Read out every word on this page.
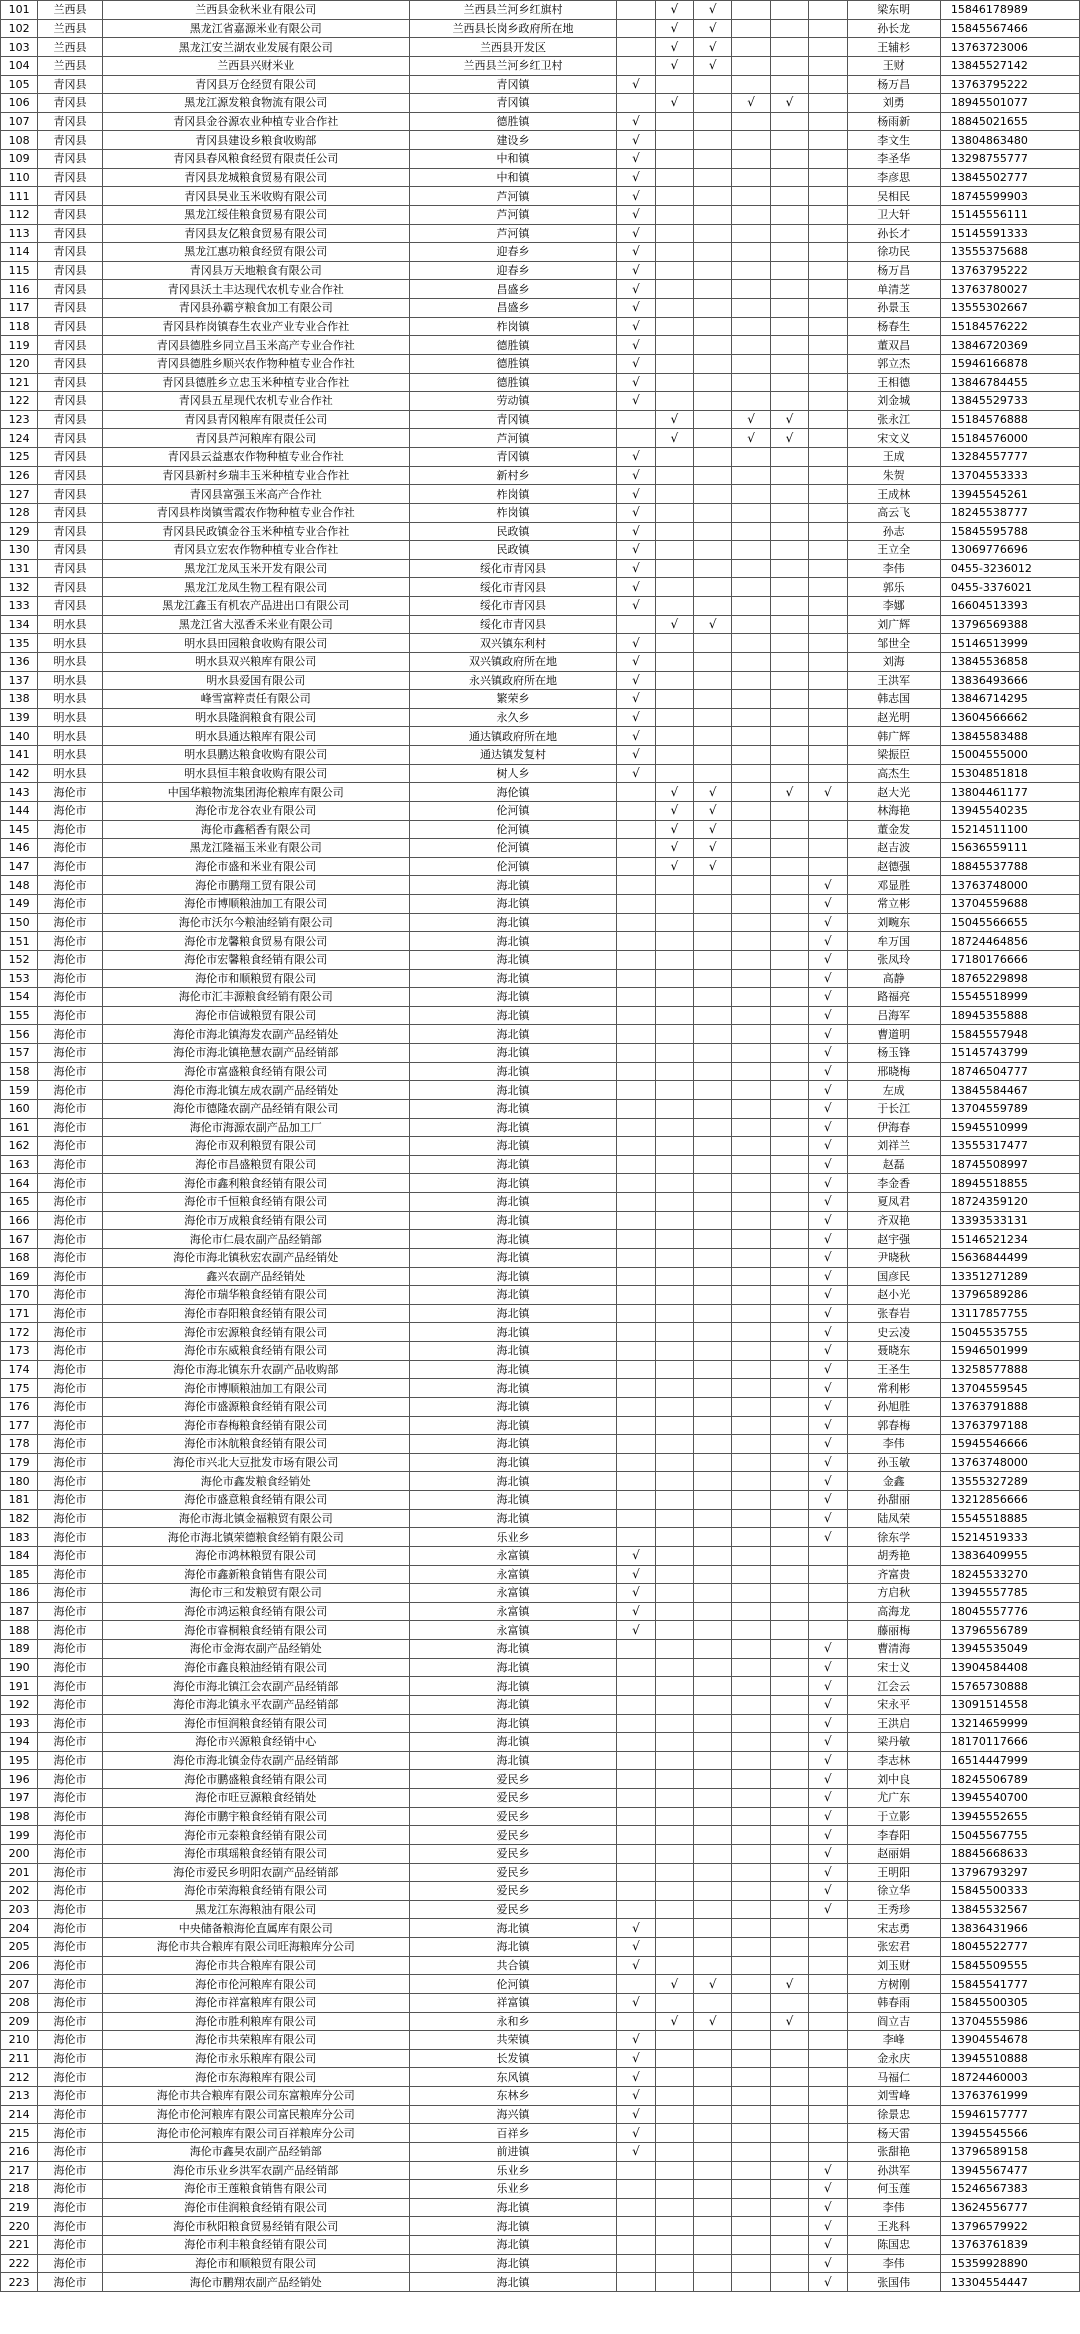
101	兰西县	兰西县金秋米业有限公司	兰西县兰河乡红旗村		√	√				梁东明	15846178989
102	兰西县	黑龙江省嘉源米业有限公司	兰西县长岗乡政府所在地		√	√				孙长龙	15845567466
103	兰西县	黑龙江安兰湖农业发展有限公司	兰西县开发区		√	√				王辅杉	13763723006
104	兰西县	兰西县兴财米业	兰西县兰河乡红卫村		√	√				王财	13845527142
105	青冈县	青冈县万仓经贸有限公司	青冈镇	√						杨万昌	13763795222
106	青冈县	黑龙江源发粮食物流有限公司	青冈镇		√		√	√		刘勇	18945501077
107	青冈县	青冈县金谷源农业种植专业合作社	德胜镇	√						杨雨新	18845021655
108	青冈县	青冈县建设乡粮食收购部	建设乡	√						李文生	13804863480
109	青冈县	青冈县春风粮食经贸有限责任公司	中和镇	√						李圣华	13298755777
110	青冈县	青冈县龙城粮食贸易有限公司	中和镇	√						李彦思	13845502777
111	青冈县	青冈县昊业玉米收购有限公司	芦河镇	√						吴相民	18745599903
112	青冈县	黑龙江绥佳粮食贸易有限公司	芦河镇	√						卫大轩	15145556111
113	青冈县	青冈县友亿粮食贸易有限公司	芦河镇	√						孙长才	15145591333
114	青冈县	黑龙江惠功粮食经贸有限公司	迎春乡	√						徐功民	13555375688
115	青冈县	青冈县万天地粮食有限公司	迎春乡	√						杨万昌	13763795222
116	青冈县	青冈县沃土丰达现代农机专业合作社	昌盛乡	√						单清芝	13763780027
117	青冈县	青冈县孙霸亨粮食加工有限公司	昌盛乡	√						孙景玉	13555302667
118	青冈县	青冈县柞岗镇春生农业产业专业合作社	柞岗镇	√						杨春生	15184576222
119	青冈县	青冈县德胜乡同立昌玉米高产专业合作社	德胜镇	√						董双昌	13846720369
120	青冈县	青冈县德胜乡顺兴农作物种植专业合作社	德胜镇	√						郭立杰	15946166878
121	青冈县	青冈县德胜乡立忠玉米种植专业合作社	德胜镇	√						王相德	13846784455
122	青冈县	青冈县五星现代农机专业合作社	劳动镇	√						刘金城	13845529733
123	青冈县	青冈县青冈粮库有限责任公司	青冈镇		√		√	√		张永江	15184576888
124	青冈县	青冈县芦河粮库有限公司	芦河镇		√		√	√		宋文义	15184576000
125	青冈县	青冈县云益惠农作物种植专业合作社	青冈镇	√						王成	13284557777
126	青冈县	青冈县新村乡瑞丰玉米种植专业合作社	新村乡	√						朱贺	13704553333
127	青冈县	青冈县富强玉米高产合作社	柞岗镇	√						王成林	13945545261
128	青冈县	青冈县柞岗镇雪霞农作物种植专业合作社	柞岗镇	√						高云飞	18245538777
129	青冈县	青冈县民政镇金谷玉米种植专业合作社	民政镇	√						孙志	15845595788
130	青冈县	青冈县立宏农作物种植专业合作社	民政镇	√						王立全	13069776696
131	青冈县	黑龙江龙凤玉米开发有限公司	绥化市青冈县	√						李伟	0455-3236012
132	青冈县	黑龙江龙凤生物工程有限公司	绥化市青冈县	√						郭乐	0455-3376021
133	青冈县	黑龙江鑫玉有机农产品进出口有限公司	绥化市青冈县	√						李娜	16604513393
134	明水县	黑龙江省大泓香禾米业有限公司	绥化市青冈县		√	√				刘广辉	13796569388
135	明水县	明水县田园粮食收购有限公司	双兴镇东利村	√						邹世全	15146513999
136	明水县	明水县双兴粮库有限公司	双兴镇政府所在地	√						刘海	13845536858
137	明水县	明水县爱国有限公司	永兴镇政府所在地	√						王洪军	13836493666
138	明水县	峰雪富粹责任有限公司	繁荣乡	√						韩志国	13846714295
139	明水县	明水县隆润粮食有限公司	永久乡	√						赵光明	13604566662
140	明水县	明水县通达粮库有限公司	通达镇政府所在地	√						韩广辉	13845583488
141	明水县	明水县鹏达粮食收购有限公司	通达镇发复村	√						梁振臣	15004555000
142	明水县	明水县恒丰粮食收购有限公司	树人乡	√						高杰生	15304851818
143	海伦市	中国华粮物流集团海伦粮库有限公司	海伦镇		√	√		√	√	赵大光	13804461177
144	海伦市	海伦市龙谷农业有限公司	伦河镇		√	√				林海艳	13945540235
145	海伦市	海伦市鑫稻香有限公司	伦河镇		√	√				董金发	15214511100
146	海伦市	黑龙江隆福玉米业有限公司	伦河镇		√	√				赵吉波	15636559111
147	海伦市	海伦市盛和米业有限公司	伦河镇		√	√				赵德强	18845537788
148	海伦市	海伦市鹏翔工贸有限公司	海北镇						√	邓显胜	13763748000
149	海伦市	海伦市博顺粮油加工有限公司	海北镇						√	常立彬	13704559688
150	海伦市	海伦市沃尔今粮油经销有限公司	海北镇						√	刘畹东	15045566655
151	海伦市	海伦市龙馨粮食贸易有限公司	海北镇						√	牟万国	18724464856
152	海伦市	海伦市宏馨粮食经销有限公司	海北镇						√	张凤玲	17180176666
153	海伦市	海伦市和顺粮贸有限公司	海北镇						√	高静	18765229898
154	海伦市	海伦市汇丰源粮食经销有限公司	海北镇						√	路福亮	15545518999
155	海伦市	海伦市信诚粮贸有限公司	海北镇						√	吕海军	18945355888
156	海伦市	海伦市海北镇海发农副产品经销处	海北镇						√	曹道明	15845557948
157	海伦市	海伦市海北镇艳慧农副产品经销部	海北镇						√	杨玉锋	15145743799
158	海伦市	海伦市富盛粮食经销有限公司	海北镇						√	邢晓梅	18746504777
159	海伦市	海伦市海北镇左成农副产品经销处	海北镇						√	左成	13845584467
160	海伦市	海伦市德隆农副产品经销有限公司	海北镇						√	于长江	13704559789
161	海伦市	海伦市海源农副产品加工厂	海北镇						√	伊海春	15945510999
162	海伦市	海伦市双利粮贸有限公司	海北镇						√	刘祥兰	13555317477
163	海伦市	海伦市昌盛粮贸有限公司	海北镇						√	赵磊	18745508997
164	海伦市	海伦市鑫利粮食经销有限公司	海北镇						√	李金香	18945518855
165	海伦市	海伦市千恒粮食经销有限公司	海北镇						√	夏凤君	18724359120
166	海伦市	海伦市万成粮食经销有限公司	海北镇						√	齐双艳	13393533131
167	海伦市	海伦市仁晨农副产品经销部	海北镇						√	赵宇强	15146521234
168	海伦市	海伦市海北镇秋宏农副产品经销处	海北镇						√	尹晓秋	15636844499
169	海伦市	鑫兴农副产品经销处	海北镇						√	国彦民	13351271289
170	海伦市	海伦市瑞华粮食经销有限公司	海北镇						√	赵小光	13796589286
171	海伦市	海伦市春阳粮食经销有限公司	海北镇						√	张春岩	13117857755
172	海伦市	海伦市宏源粮食经销有限公司	海北镇						√	史云凌	15045535755
173	海伦市	海伦市东威粮食经销有限公司	海北镇						√	聂晓东	15946501999
174	海伦市	海伦市海北镇东升农副产品收购部	海北镇						√	王圣生	13258577888
175	海伦市	海伦市博顺粮油加工有限公司	海北镇						√	常利彬	13704559545
176	海伦市	海伦市盛源粮食经销有限公司	海北镇						√	孙旭胜	13763791888
177	海伦市	海伦市春梅粮食经销有限公司	海北镇						√	郭春梅	13763797188
178	海伦市	海伦市沐航粮食经销有限公司	海北镇						√	李伟	15945546666
179	海伦市	海伦市兴北大豆批发市场有限公司	海北镇						√	孙玉敏	13763748000
180	海伦市	海伦市鑫发粮食经销处	海北镇						√	金鑫	13555327289
181	海伦市	海伦市盛意粮食经销有限公司	海北镇						√	孙甜丽	13212856666
182	海伦市	海伦市海北镇金福粮贸有限公司	海北镇						√	陆凤荣	15545518885
183	海伦市	海伦市海北镇荣德粮食经销有限公司	乐业乡						√	徐东学	15214519333
184	海伦市	海伦市鸿林粮贸有限公司	永富镇	√						胡秀艳	13836409955
185	海伦市	海伦市鑫新粮食销售有限公司	永富镇	√						齐富贵	18245533270
186	海伦市	海伦市三和发粮贸有限公司	永富镇	√						方启秋	13945557785
187	海伦市	海伦市鸿运粮食经销有限公司	永富镇	√						高海龙	18045557776
188	海伦市	海伦市睿桐粮食经销有限公司	永富镇	√						藤丽梅	13796556789
189	海伦市	海伦市金海农副产品经销处	海北镇						√	曹清海	13945535049
190	海伦市	海伦市鑫良粮油经销有限公司	海北镇						√	宋士义	13904584408
191	海伦市	海伦市海北镇江会农副产品经销部	海北镇						√	江会云	15765730888
192	海伦市	海伦市海北镇永平农副产品经销部	海北镇						√	宋永平	13091514558
193	海伦市	海伦市恒润粮食经销有限公司	海北镇						√	王洪启	13214659999
194	海伦市	海伦市兴源粮食经销中心	海北镇						√	梁丹敏	18170117666
195	海伦市	海伦市海北镇金侍农副产品经销部	海北镇						√	李志林	16514447999
196	海伦市	海伦市鹏盛粮食经销有限公司	爱民乡						√	刘中良	18245506789
197	海伦市	海伦市旺豆源粮食经销处	爱民乡						√	尤广东	13945540700
198	海伦市	海伦市鹏宇粮食经销有限公司	爱民乡						√	于立影	13945552655
199	海伦市	海伦市元泰粮食经销有限公司	爱民乡						√	李春阳	15045567755
200	海伦市	海伦市琪瑶粮食经销有限公司	爱民乡						√	赵丽娟	18845668633
201	海伦市	海伦市爱民乡明阳农副产品经销部	爱民乡						√	王明阳	13796793297
202	海伦市	海伦市荣海粮食经销有限公司	爱民乡						√	徐立华	15845500333
203	海伦市	黑龙江东海粮油有限公司	爱民乡						√	王秀珍	13845532567
204	海伦市	中央储备粮海伦直属库有限公司	海北镇	√						宋志勇	13836431966
205	海伦市	海伦市共合粮库有限公司旺海粮库分公司	海北镇	√						张宏君	18045522777
206	海伦市	海伦市共合粮库有限公司	共合镇	√						刘玉财	15845509555
207	海伦市	海伦市伦河粮库有限公司	伦河镇		√	√		√		方树刚	15845541777
208	海伦市	海伦市祥富粮库有限公司	祥富镇	√						韩春雨	15845500305
209	海伦市	海伦市胜利粮库有限公司	永和乡		√	√		√		阎立吉	13704555986
210	海伦市	海伦市共荣粮库有限公司	共荣镇	√						李峰	13904554678
211	海伦市	海伦市永乐粮库有限公司	长发镇	√						金永庆	13945510888
212	海伦市	海伦市东海粮库有限公司	东风镇	√						马福仁	18724460003
213	海伦市	海伦市共合粮库有限公司东富粮库分公司	东林乡	√						刘雪峰	13763761999
214	海伦市	海伦市伦河粮库有限公司富民粮库分公司	海兴镇	√						徐景忠	15946157777
215	海伦市	海伦市伦河粮库有限公司百祥粮库分公司	百祥乡	√						杨天雷	13945545566
216	海伦市	海伦市鑫昊农副产品经销部	前进镇	√						张甜艳	13796589158
217	海伦市	海伦市乐业乡洪军农副产品经销部	乐业乡						√	孙洪军	13945567477
218	海伦市	海伦市王莲粮食销售有限公司	乐业乡						√	何玉莲	15246567383
219	海伦市	海伦市佳润粮食经销有限公司	海北镇						√	李伟	13624556777
220	海伦市	海伦市秋阳粮食贸易经销有限公司	海北镇						√	王兆科	13796579922
221	海伦市	海伦市利丰粮食经销有限公司	海北镇						√	陈国忠	13763761839
222	海伦市	海伦市和顺粮贸有限公司	海北镇						√	李伟	15359928890
223	海伦市	海伦市鹏翔农副产品经销处	海北镇						√	张国伟	13304554447
